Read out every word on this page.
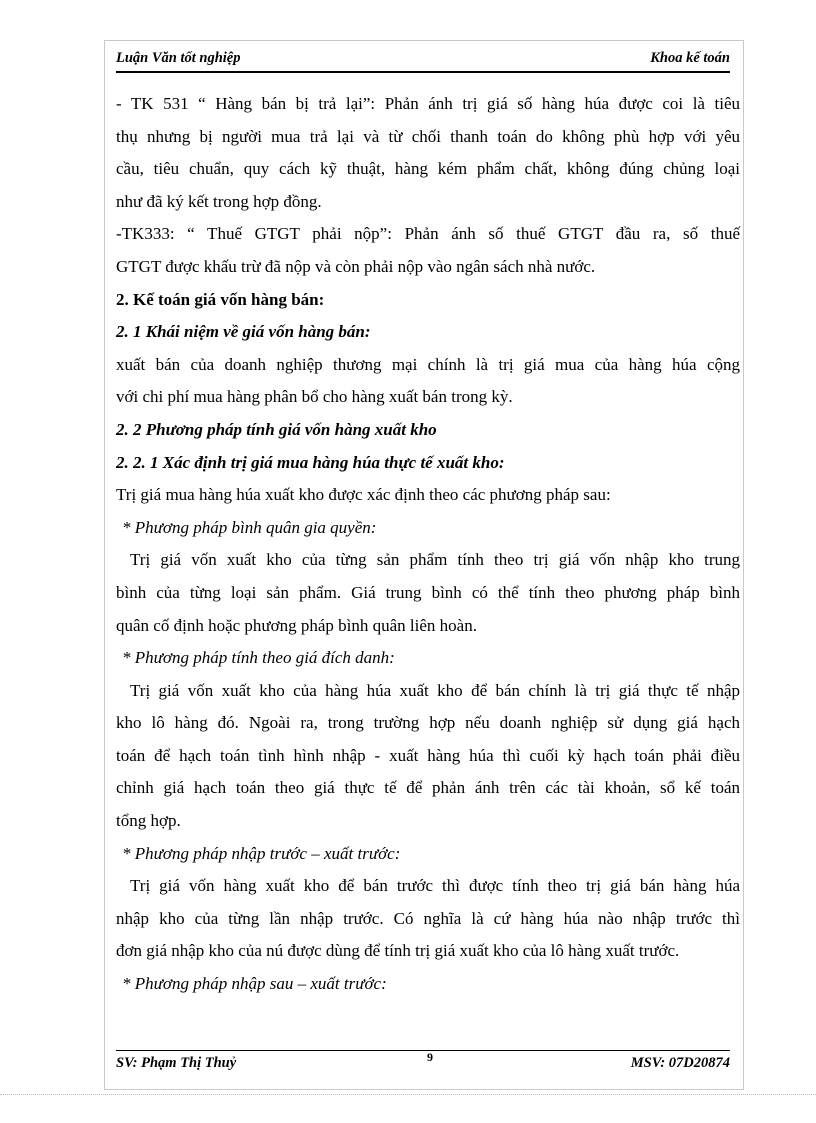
Luận Văn tốt nghiệp	Khoa kế toán

- TK 531 “ Hàng bán bị trả lại”: Phản ánh trị giá số hàng húa được coi là tiêu

thụ nhưng bị người mua trả lại và từ chối thanh toán do không phù hợp với yêu

cầu, tiêu chuẩn, quy cách kỹ thuật, hàng kém phẩm chất, không đúng chủng loại

như đã ký kết trong hợp đồng.

-TK333: “ Thuế GTGT phải nộp”: Phản ánh số thuế GTGT đầu ra, số thuế

GTGT được khấu trừ đã nộp và còn phải nộp vào ngân sách nhà nước.

2. Kế toán giá vốn hàng bán:

2. 1 Khái niệm về giá vốn hàng bán:

xuất bán của doanh nghiệp thương mại chính là trị giá mua của hàng húa cộng

với chi phí mua hàng phân bổ cho hàng xuất bán trong kỳ.

2. 2 Phương pháp tính giá vốn hàng xuất kho

2. 2. 1 Xác định trị giá mua hàng húa thực tế xuất kho:

Trị giá mua hàng húa xuất kho được xác định theo các phương pháp sau:

* Phương pháp bình quân gia quyền:

Trị giá vốn xuất kho của từng sản phẩm tính theo trị giá vốn nhập kho trung

bình của từng loại sản phẩm. Giá trung bình có thể tính theo phương pháp bình

quân cố định hoặc phương pháp bình quân liên hoàn.

* Phương pháp tính theo giá đích danh:

Trị giá vốn xuất kho của hàng húa xuất kho để bán chính là trị giá thực tế nhập

kho lô hàng đó. Ngoài ra, trong trường hợp nếu doanh nghiệp sử dụng giá hạch

toán để hạch toán tình hình nhập - xuất hàng húa thì cuối kỳ hạch toán phải điều

chỉnh giá hạch toán theo giá thực tế để phản ánh trên các tài khoản, sổ kế toán

tổng hợp.

* Phương pháp nhập trước – xuất trước:

Trị giá vốn hàng xuất kho để bán trước thì được tính theo trị giá bán hàng húa

nhập kho của từng lần nhập trước. Có nghĩa là cứ hàng húa nào nhập trước thì

đơn giá nhập kho của nú được dùng để tính trị giá xuất kho của lô hàng xuất trước.

* Phương pháp nhập sau – xuất trước:

SV: Phạm Thị Thuỷ	9	MSV: 07D20874
